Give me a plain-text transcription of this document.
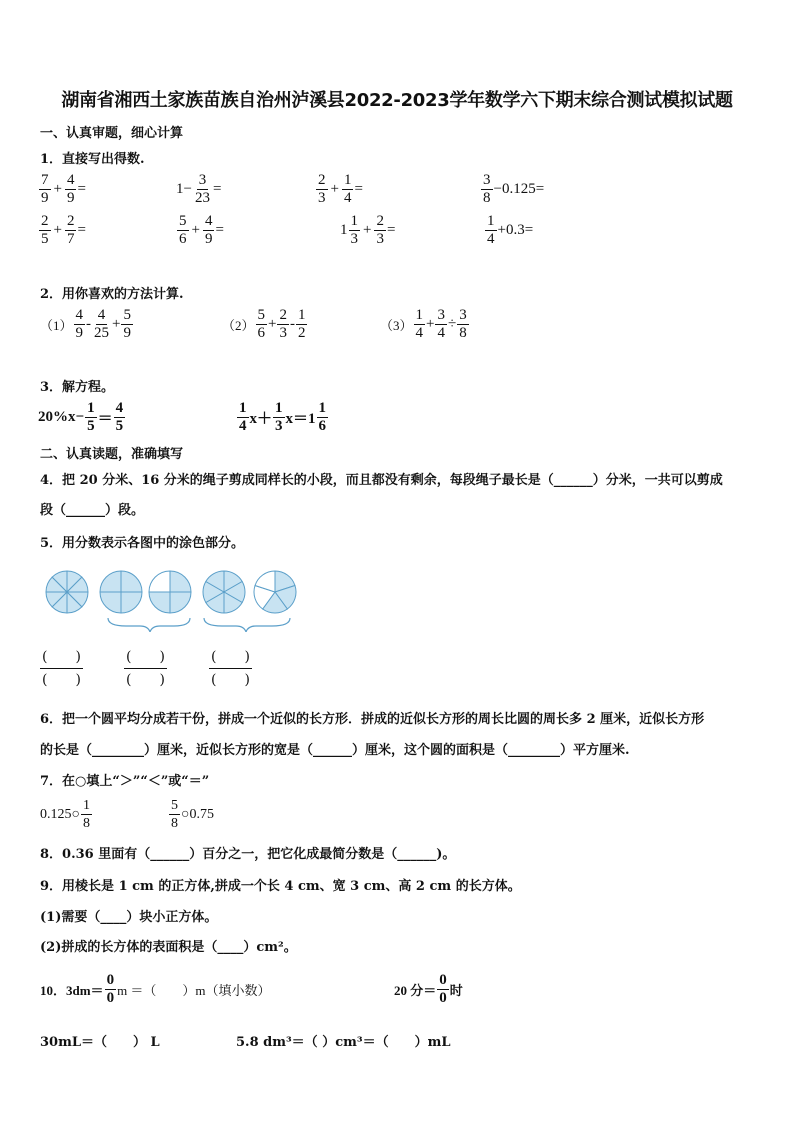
湖南省湘西土家族苗族自治州泸溪县2022-2023学年数学六下期末综合测试模拟试题
一、认真审题，细心计算
1．直接写出得数.
$\frac{7}{9} + \frac{4}{9}$ =	$1- \frac{3}{23}$ =	$\frac{2}{3} + \frac{1}{4}$ =	$\frac{3}{8} -0.125=$
$\frac{2}{5} + \frac{2}{7}$ =	$\frac{5}{6} + \frac{4}{9}$ =	$1 \frac{1}{3} + \frac{2}{3}$ =	$\frac{1}{4} +0.3=$
2．用你喜欢的方法计算.
$(1) \frac{4}{9} - \frac{4}{25} + \frac{5}{9}$	$(2) \frac{5}{6} + \frac{2}{3} - \frac{1}{2}$	$(3) \frac{1}{4} + \frac{3}{4} \div \frac{3}{8}$
3．解方程。
$20\%x- \frac{1}{5} = \frac{4}{5}$	$\frac{1}{4} x+ \frac{1}{3} x=1 \frac{1}{6}$
二、认真读题，准确填写
4．把 20 分米、16 分米的绳子剪成同样长的小段，而且都没有剩余，每段绳子最长是（______）分米，一共可以剪成
段（______）段。
5．用分数表示各图中的涂色部分。
(　　)
(　　)
(　　)
(　　)
(　　)
(　　)
6．把一个圆平均分成若干份，拼成一个近似的长方形．拼成的近似长方形的周长比圆的周长多 2 厘米，近似长方形
的长是（________）厘米，近似长方形的宽是（______）厘米，这个圆的面积是（________）平方厘米.
7．在○填上“＞”“＜”或“＝”
0.125○ $\frac{1}{8}$	$\frac{5}{8}$ ○0.75
8．0.36 里面有（______）百分之一，把它化成最简分数是（______)。
9．用棱长是 1 cm 的正方体,拼成一个长 4 cm、宽 3 cm、高 2 cm 的长方体。
(1)需要（____）块小正方体。
(2)拼成的长方体的表面积是（____）cm²。
10．$3dm= \frac{0}{0}$ m ＝（　　）m（填小数）	20 分＝ $\frac{0}{0}$ 时
30mL＝（　　） L	5.8 dm³＝（ ）cm³＝（　　）mL
